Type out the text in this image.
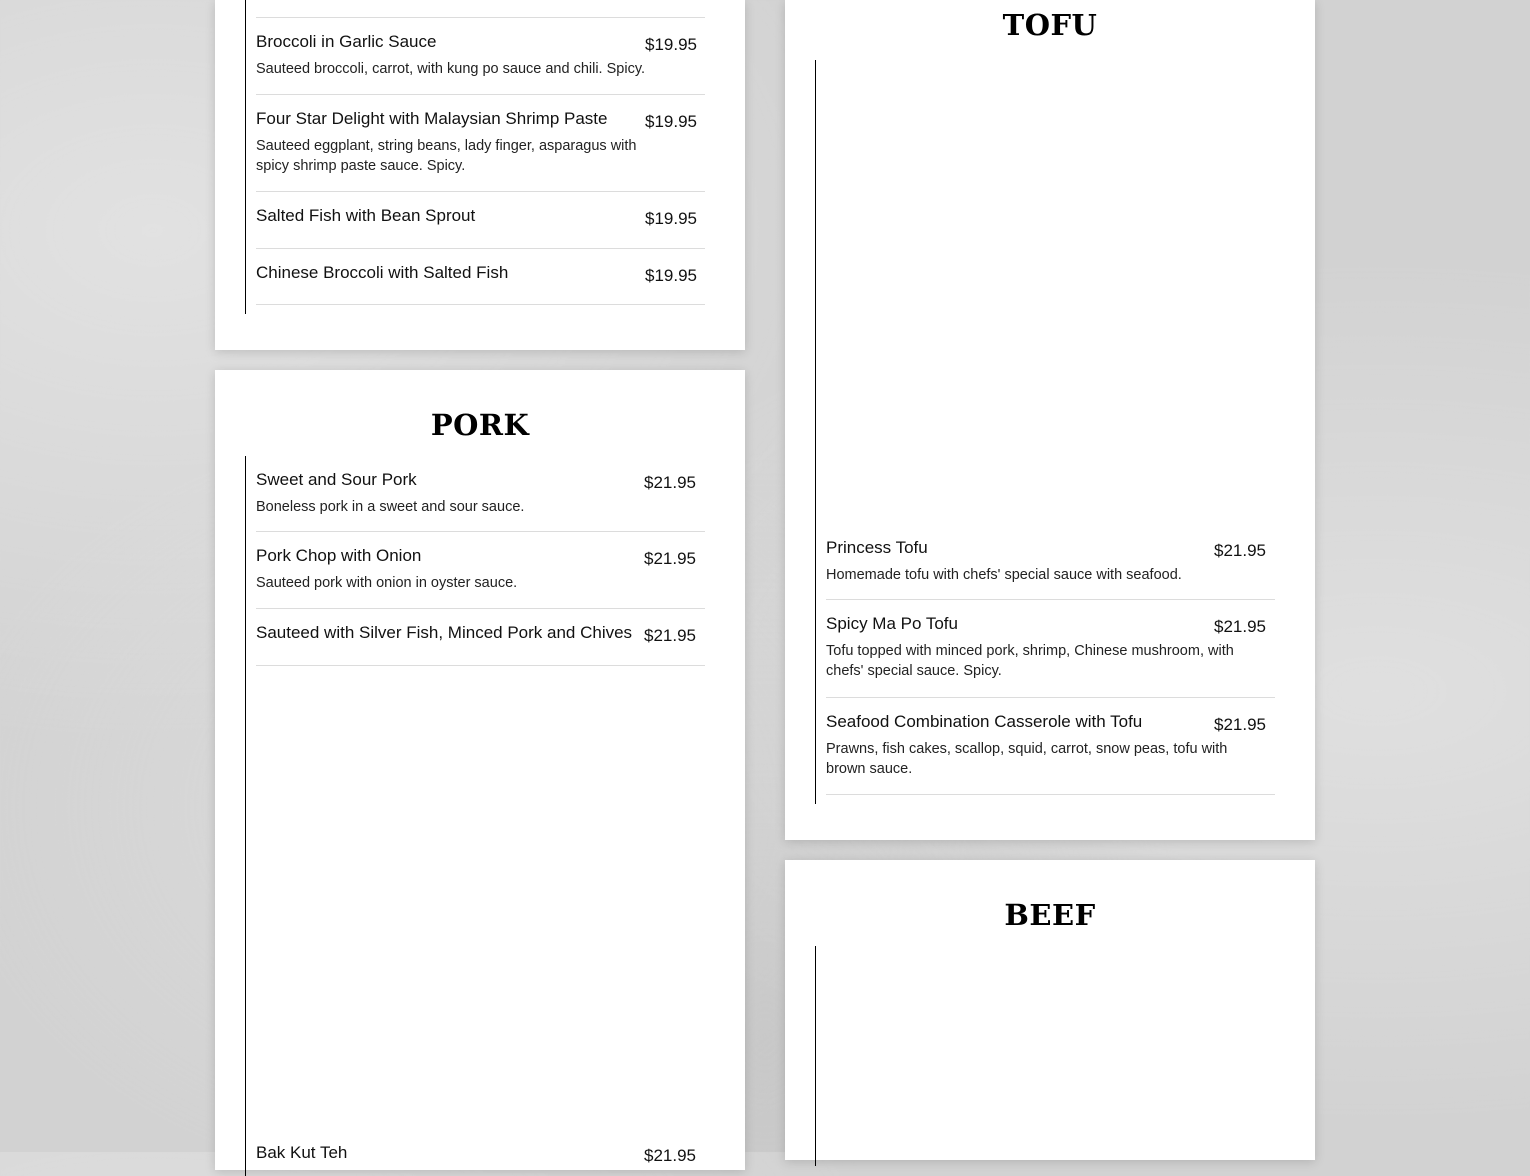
Broccoli in Garlic Sauce	$19.95
Sauteed broccoli, carrot, with kung po sauce and chili. Spicy.
Four Star Delight with Malaysian Shrimp Paste $19.95
Sauteed eggplant, string beans, lady finger, asparagus with spicy shrimp paste sauce. Spicy.
Salted Fish with Bean Sprout	$19.95
Chinese Broccoli with Salted Fish	$19.95
PORK
Sweet and Sour Pork	$21.95
Boneless pork in a sweet and sour sauce.
Pork Chop with Onion	$21.95
Sauteed pork with onion in oyster sauce.
Sauteed with Silver Fish, Minced Pork and Chives $21.95
Bak Kut Teh	$21.95
TOFU
Princess Tofu	$21.95
Homemade tofu with chefs' special sauce with seafood.
Spicy Ma Po Tofu	$21.95
Tofu topped with minced pork, shrimp, Chinese mushroom, with chefs' special sauce. Spicy.
Seafood Combination Casserole with Tofu	$21.95
Prawns, fish cakes, scallop, squid, carrot, snow peas, tofu with brown sauce.
BEEF
